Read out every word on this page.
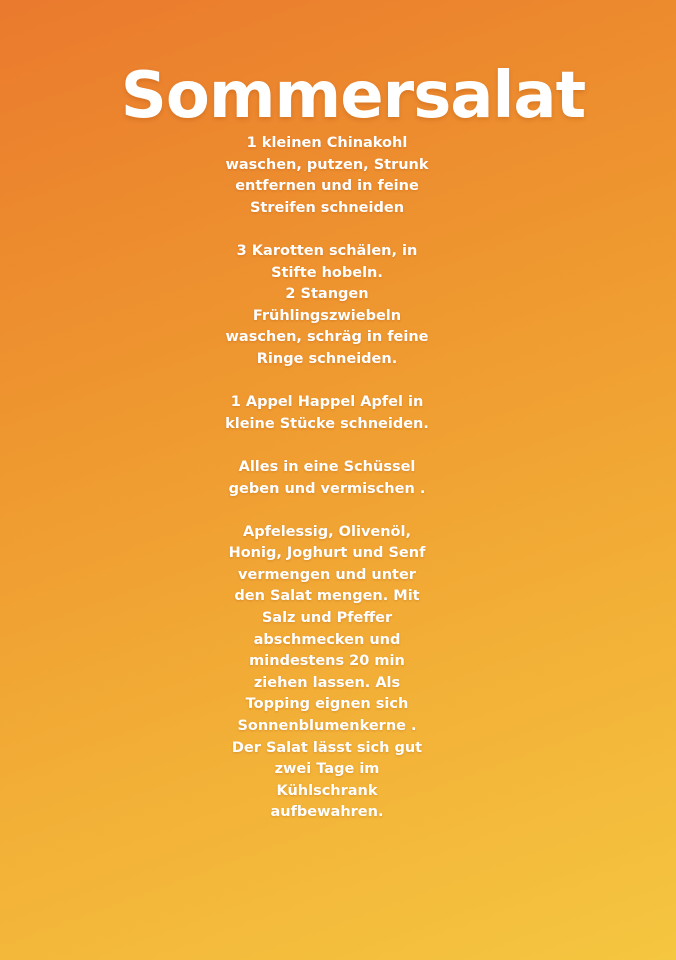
Sommersalat

1 kleinen Chinakohl
waschen, putzen, Strunk
entfernen und in feine
Streifen schneiden

3 Karotten schälen, in
Stifte hobeln.
2 Stangen
Frühlingszwiebeln
waschen, schräg in feine
Ringe schneiden.

1 Appel Happel Apfel in
kleine Stücke schneiden.

Alles in eine Schüssel
geben und vermischen .

Apfelessig, Olivenöl,
Honig, Joghurt und Senf
vermengen und unter
den Salat mengen. Mit
Salz und Pfeffer
abschmecken und
mindestens 20 min
ziehen lassen. Als
Topping eignen sich
Sonnenblumenkerne .
Der Salat lässt sich gut
zwei Tage im
Kühlschrank
aufbewahren.
